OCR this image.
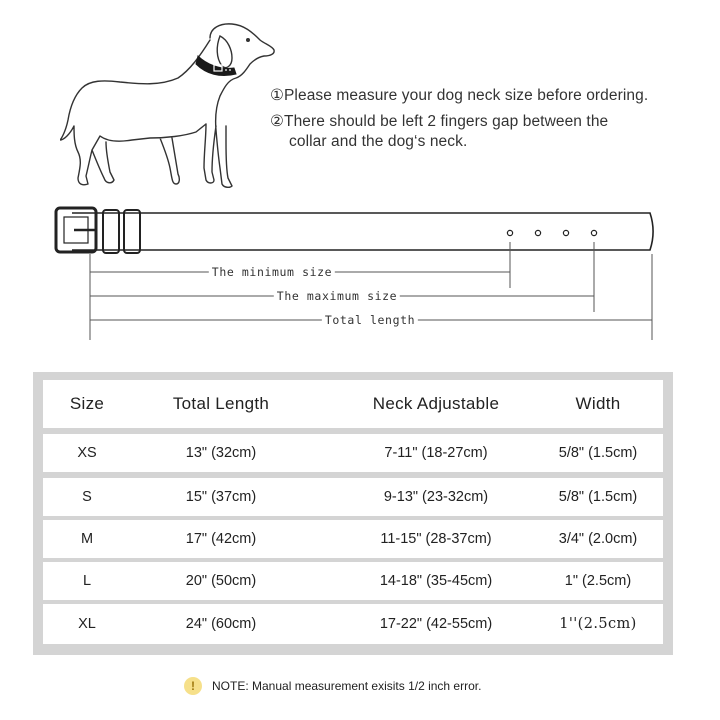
①Please measure your dog neck size before ordering.
②There should be left 2 fingers gap between the
collar and the dog‘s neck.
The minimum size
The maximum size
Total length
Size	Total Length	Neck Adjustable	Width
XS	13" (32cm)	7-11" (18-27cm)	5/8" (1.5cm)
S	15" (37cm)	9-13" (23-32cm)	5/8" (1.5cm)
M	17" (42cm)	11-15" (28-37cm)	3/4" (2.0cm)
L	20" (50cm)	14-18" (35-45cm)	1" (2.5cm)
XL	24" (60cm)	17-22" (42-55cm)	1''(2.5cm)
!	NOTE: Manual measurement exisits 1/2 inch error.
